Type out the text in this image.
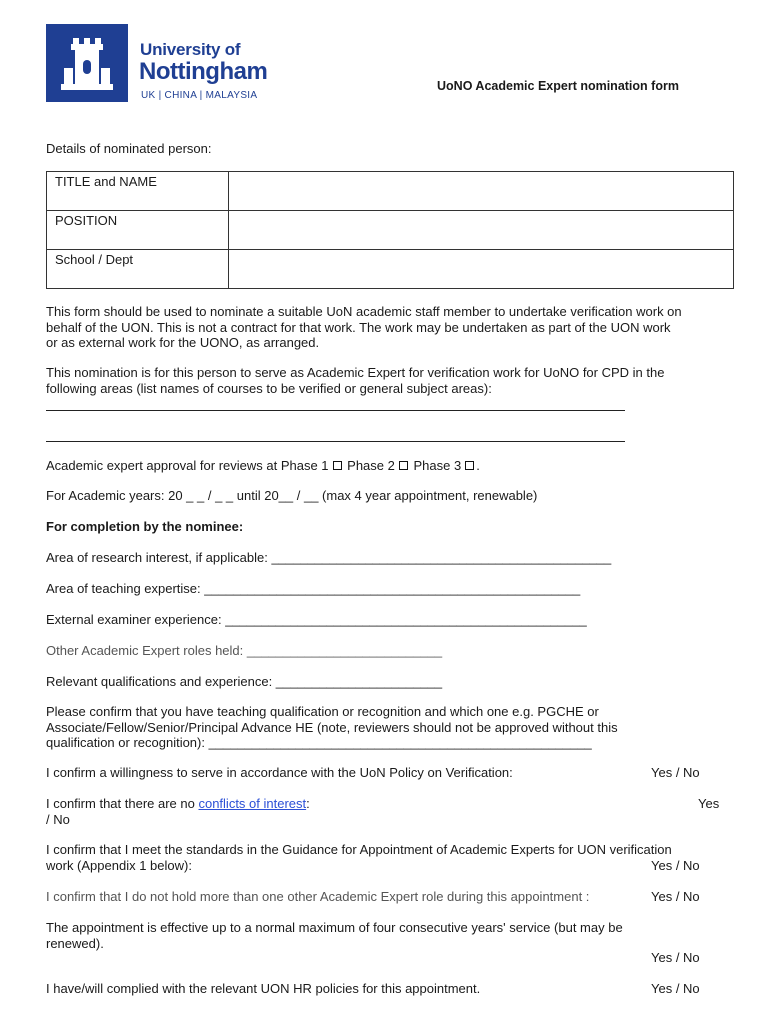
University of
Nottingham
UK | CHINA | MALAYSIA
UoNO Academic Expert nomination form
Details of nominated person:
TITLE and NAME	
POSITION	
School / Dept	
This form should be used to nominate a suitable UoN academic staff member to undertake verification work on
behalf of the UON. This is not a contract for that work. The work may be undertaken as part of the UON work
or as external work for the UONO, as arranged.
This nomination is for this person to serve as Academic Expert for verification work for UoNO for CPD in the
following areas (list names of courses to be verified or general subject areas):
Academic expert approval for reviews at Phase 1 Phase 2 Phase 3 .
For Academic years: 20 _ _ / _ _ until 20__ / __ (max 4 year appointment, renewable)
For completion by the nominee:
Area of research interest, if applicable: _______________________________________________
Area of teaching expertise: ____________________________________________________
External examiner experience: __________________________________________________
Other Academic Expert roles held: ___________________________
Relevant qualifications and experience: _______________________
Please confirm that you have teaching qualification or recognition and which one e.g. PGCHE or
Associate/Fellow/Senior/Principal Advance HE (note, reviewers should not be approved without this
qualification or recognition): _____________________________________________________
I confirm a willingness to serve in accordance with the UoN Policy on Verification:	Yes / No
I confirm that there are no conflicts of interest:	Yes
/ No
I confirm that I meet the standards in the Guidance for Appointment of Academic Experts for UON verification
work (Appendix 1 below):	Yes / No
I confirm that I do not hold more than one other Academic Expert role during this appointment :	Yes / No
The appointment is effective up to a normal maximum of four consecutive years' service (but may be
renewed).
Yes / No
I have/will complied with the relevant UON HR policies for this appointment.	Yes / No
